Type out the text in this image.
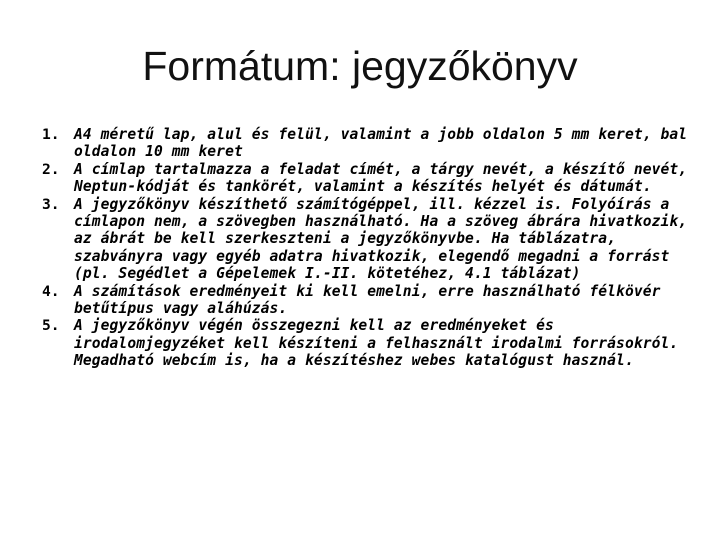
Formátum: jegyzőkönyv
1. A4 méretű lap, alul és felül, valamint a jobb oldalon 5 mm keret, bal oldalon 10 mm keret
2. A címlap tartalmazza a feladat címét, a tárgy nevét, a készítő nevét, Neptun-kódját és tankörét, valamint a készítés helyét és dátumát.
3. A jegyzőkönyv készíthető számítógéppel, ill. kézzel is. Folyóírás a címlapon nem, a szövegben használható. Ha a szöveg ábrára hivatkozik, az ábrát be kell szerkeszteni a jegyzőkönyvbe. Ha táblázatra, szabványra vagy egyéb adatra hivatkozik, elegendő megadni a forrást (pl. Segédlet a Gépelemek I.-II. kötetéhez, 4.1 táblázat)
4. A számítások eredményeit ki kell emelni, erre használható félkövér betűtípus vagy aláhúzás.
5. A jegyzőkönyv végén összegezni kell az eredményeket és irodalomjegyzéket kell készíteni a felhasznált irodalmi forrásokról. Megadható webcím is, ha a készítéshez webes katalógust használ.
